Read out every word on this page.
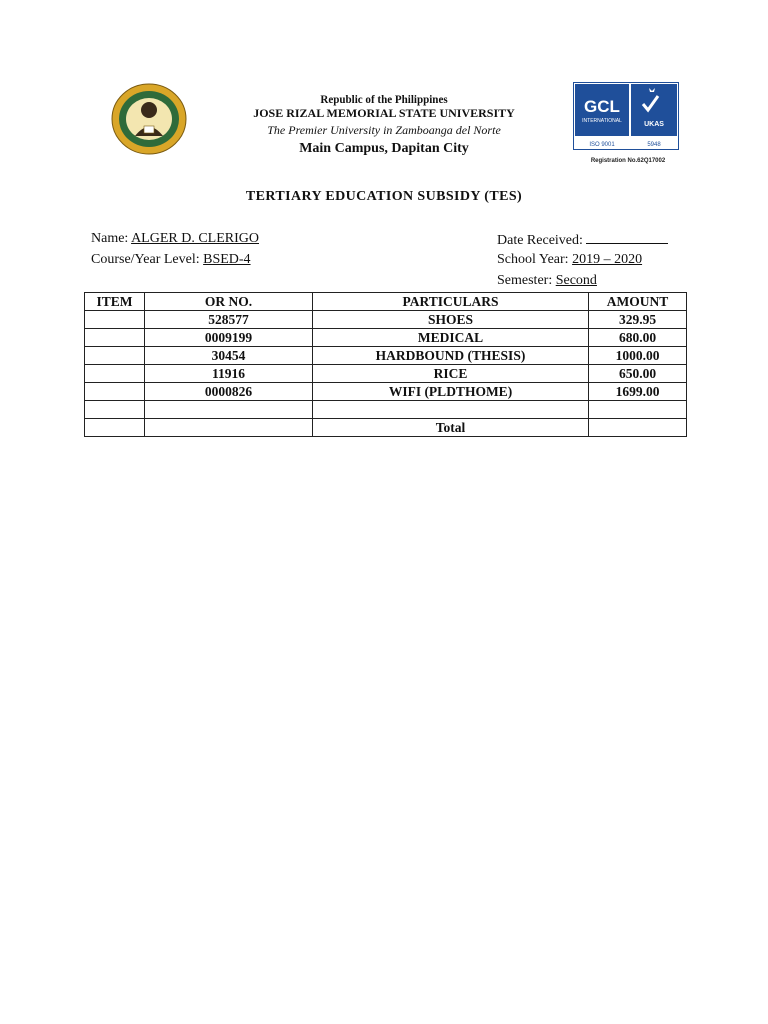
Republic of the Philippines
JOSE RIZAL MEMORIAL STATE UNIVERSITY
The Premier University in Zamboanga del Norte
Main Campus, Dapitan City
GCL
INTERNATIONAL	UKAS
ISO 9001	5948
Registration No.62Q17002
TERTIARY EDUCATION SUBSIDY (TES)
Name: ALGER D. CLERIGO
Course/Year Level: BSED-4
Date Received:
School Year: 2019 – 2020
Semester: Second
ITEM	OR NO.	PARTICULARS	AMOUNT
	528577	SHOES	329.95
	0009199	MEDICAL	680.00
	30454	HARDBOUND (THESIS)	1000.00
	11916	RICE	650.00
	0000826	WIFI (PLDTHOME)	1699.00

		Total	
